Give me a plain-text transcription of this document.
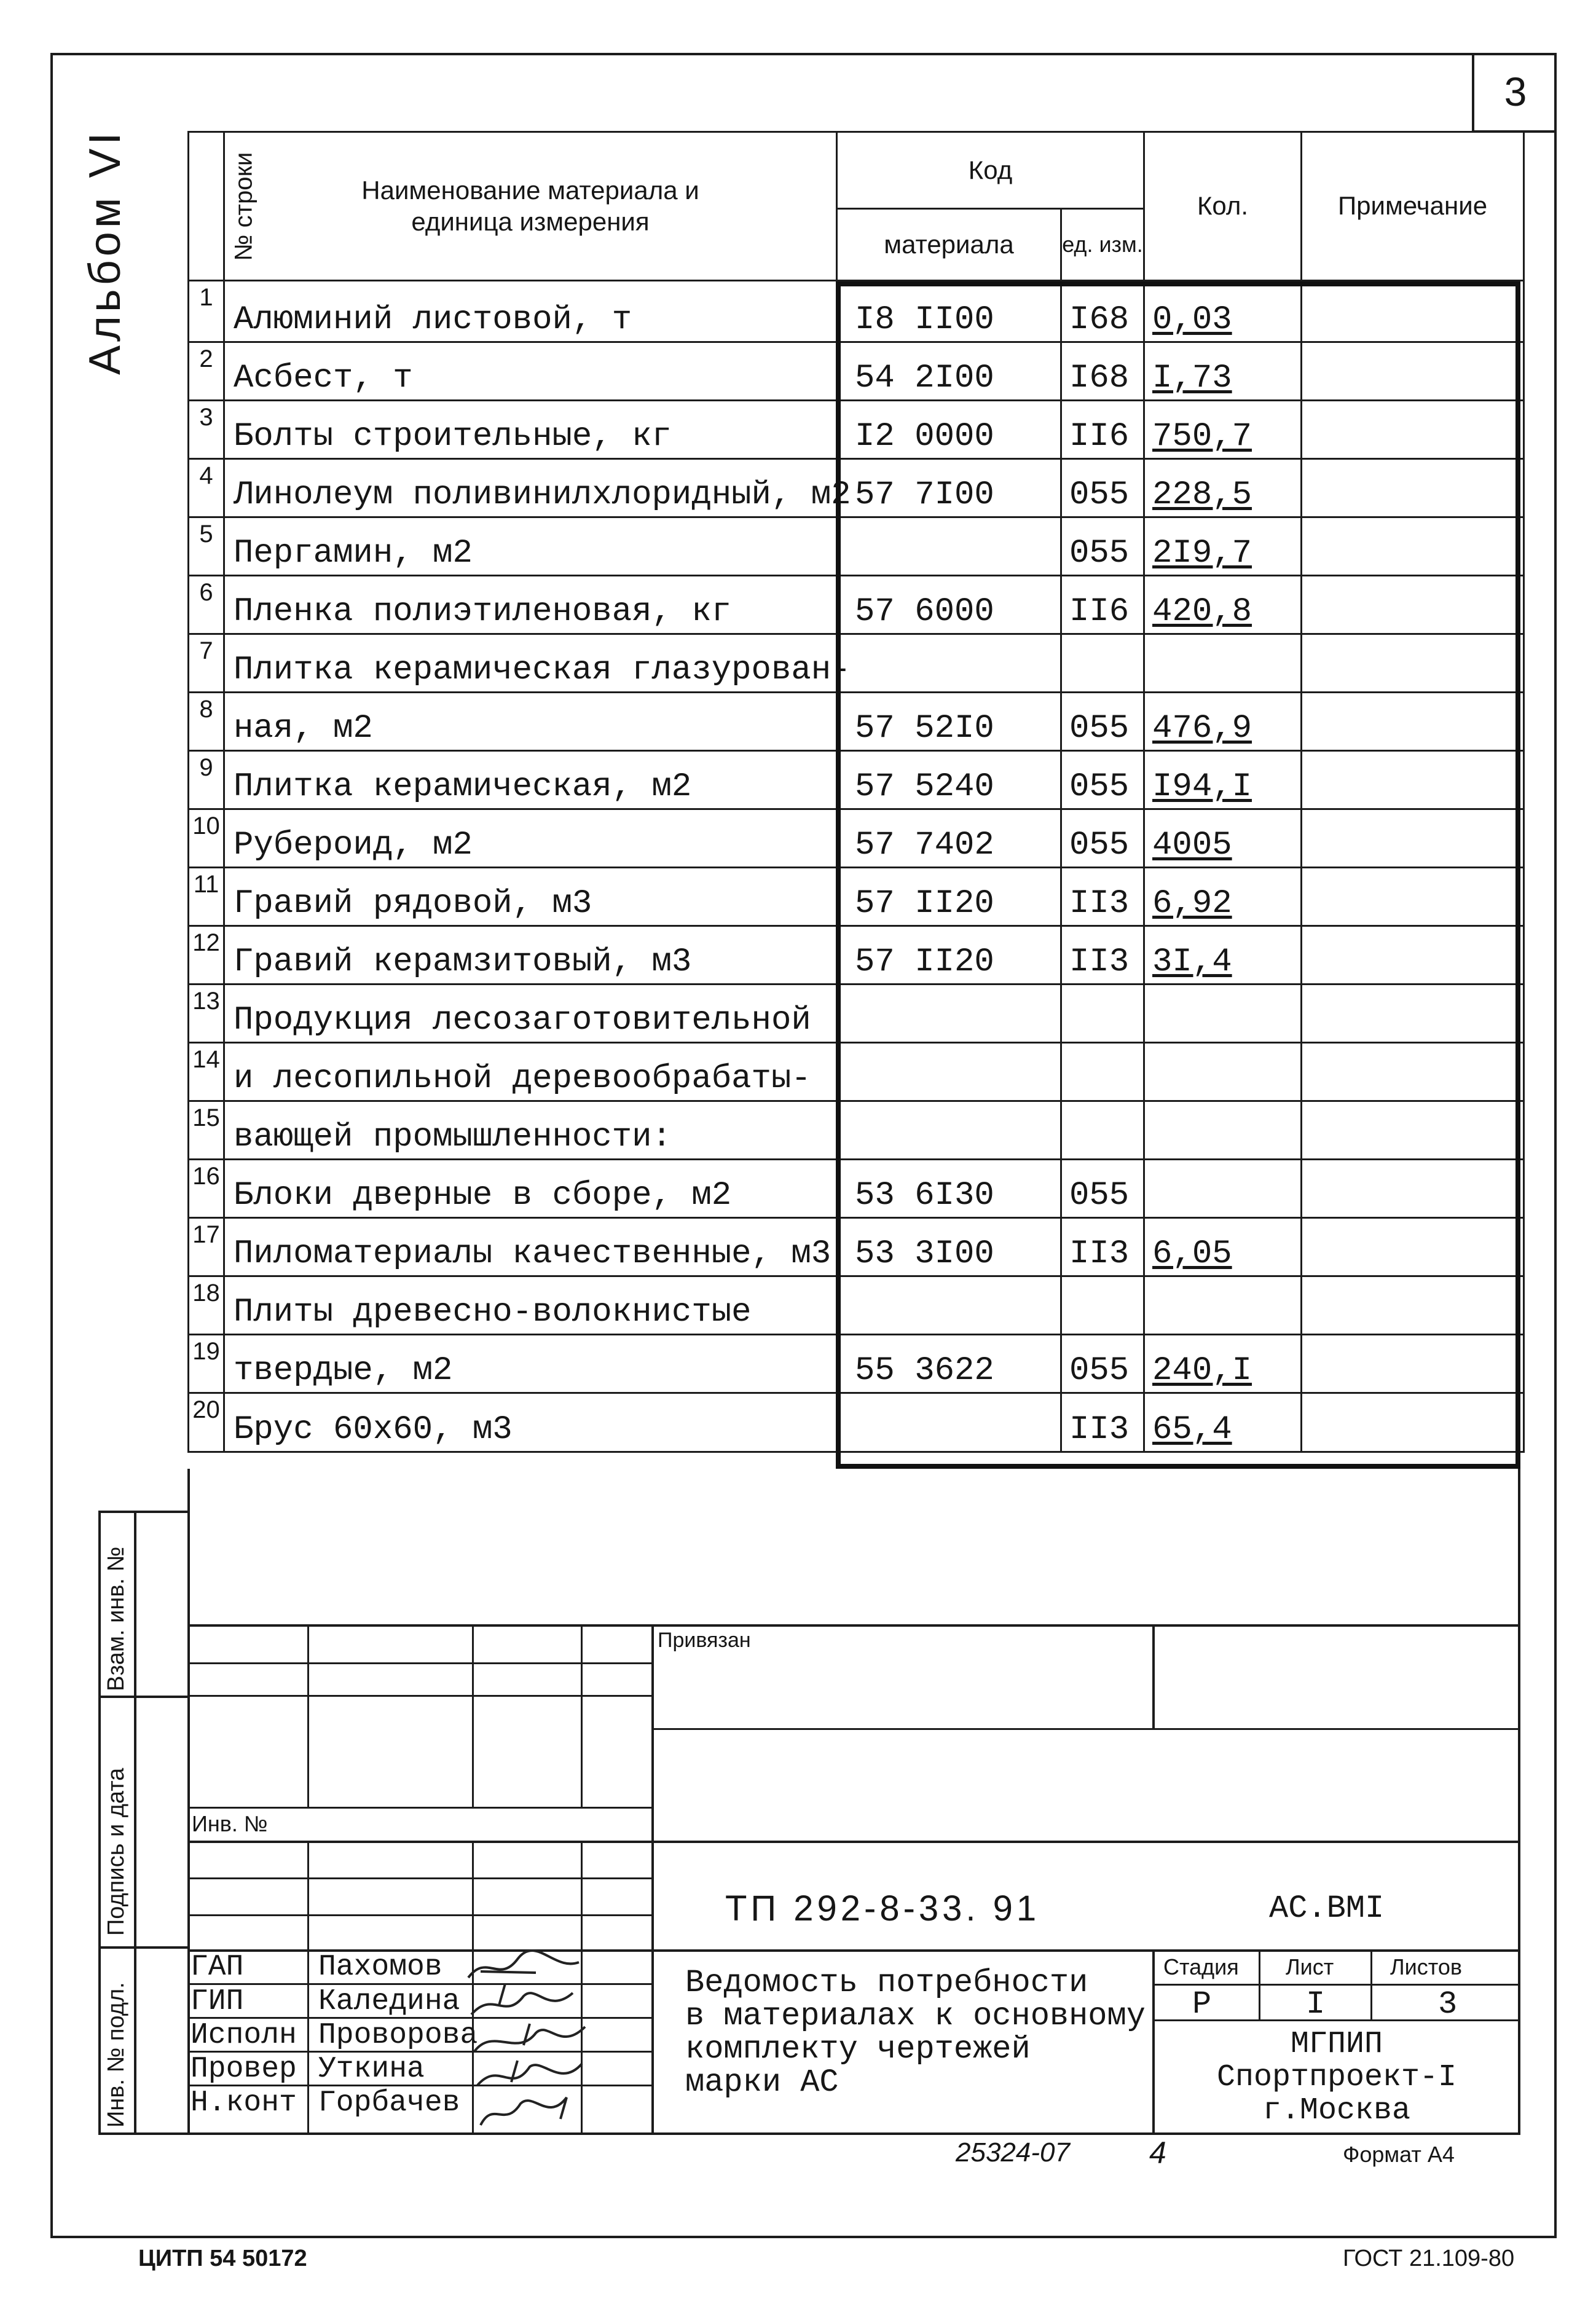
3
Альбом VI	№ строки	Наименование материала и единица измерения	Код		Кол.	Примечание
		материала	ед. изм.		
1	Алюминий листовой, т	I8 II00	I68	0,03	
2	Асбест, т	54 2I00	I68	I,73	
3	Болты строительные, кг	I2 0000	II6	750,7	
4	Линолеум поливинилхлоридный, м2	57 7I00	055	228,5	
5	Пергамин, м2		055	2I9,7	
6	Пленка полиэтиленовая, кг	57 6000	II6	420,8	
7	Плитка керамическая глазурован-				
8	ная, м2	57 52I0	055	476,9	
9	Плитка керамическая, м2	57 5240	055	I94,I	
10	Рубероид, м2	57 7402	055	4005	
11	Гравий рядовой, м3	57 II20	II3	6,92	
12	Гравий керамзитовый, м3	57 II20	II3	3I,4	
13	Продукция лесозаготовительной				
14	и лесопильной деревообрабаты-				
15	вающей промышленности:				
16	Блоки дверные в сборе, м2	53 6I30	055		
17	Пиломатериалы качественные, м3	53 3I00	II3	6,05	
18	Плиты древесно-волокнистые				
19	твердые, м2	55 3622	055	240,I	
20	Брус 60х60, м3		II3	65,4	
Взам. инв. №
Подпись и дата
Инв. № подл.
Привязан
Инв. №
ТП 292-8-33. 91	АС.ВМI
ГАП	Пахомов
ГИП	Каледина
Исполн Проворова
Провер Уткина
Н.конт Горбачев
Ведомость потребности
в материалах к основному
комплекту чертежей
марки АС
Стадия Лист	Листов
Р	I	3
МГПИП
Спортпроект-I
г.Москва
25324-07	4	Формат А4
ЦИТП 54 50172	ГОСТ 21.109-80
